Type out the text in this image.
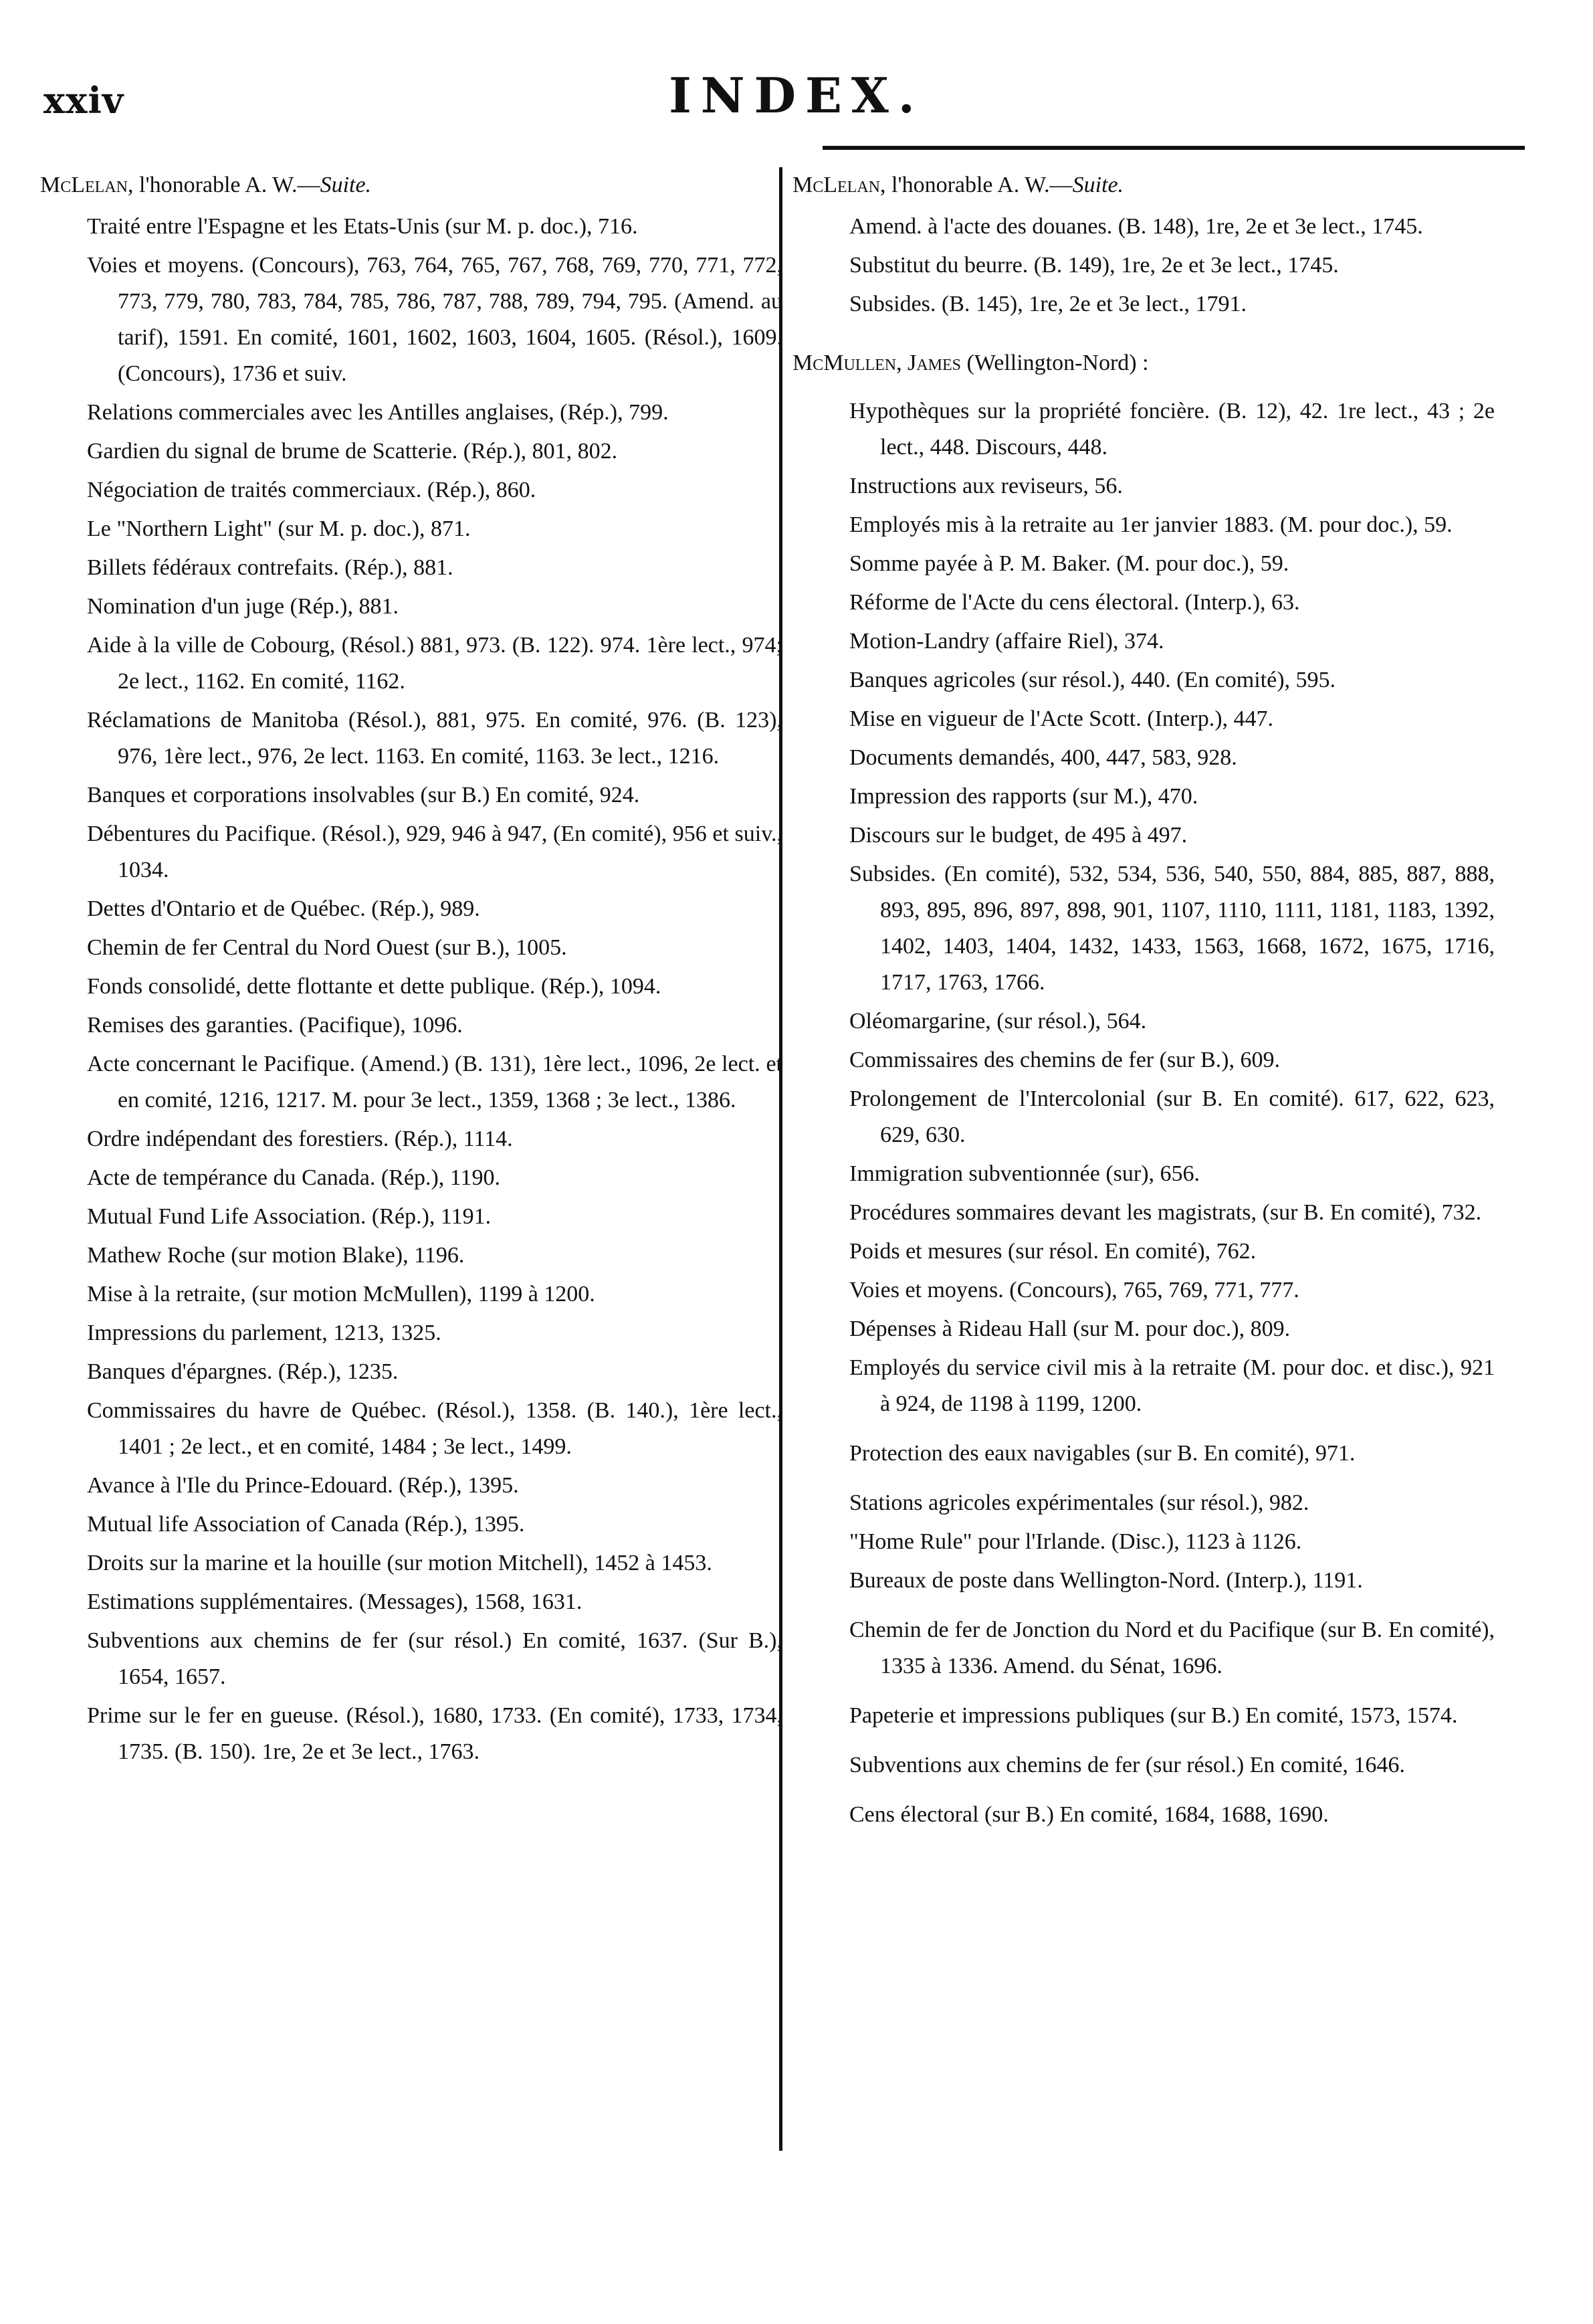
xxiv	INDEX.
McLelan, l'honorable A. W.—Suite.
Traité entre l'Espagne et les Etats-Unis (sur M. p. doc.), 716.
Voies et moyens. (Concours), 763, 764, 765, 767, 768, 769, 770, 771, 772, 773, 779, 780, 783, 784, 785, 786, 787, 788, 789, 794, 795. (Amend. au tarif), 1591. En comité, 1601, 1602, 1603, 1604, 1605. (Résol.), 1609. (Concours), 1736 et suiv.
Relations commerciales avec les Antilles anglaises, (Rép.), 799.
Gardien du signal de brume de Scatterie. (Rép.), 801, 802.
Négociation de traités commerciaux. (Rép.), 860.
Le "Northern Light" (sur M. p. doc.), 871.
Billets fédéraux contrefaits. (Rép.), 881.
Nomination d'un juge (Rép.), 881.
Aide à la ville de Cobourg, (Résol.) 881, 973. (B. 122). 974. 1ère lect., 974; 2e lect., 1162. En comité, 1162.
Réclamations de Manitoba (Résol.), 881, 975. En comité, 976. (B. 123), 976, 1ère lect., 976, 2e lect. 1163. En comité, 1163. 3e lect., 1216.
Banques et corporations insolvables (sur B.) En comité, 924.
Débentures du Pacifique. (Résol.), 929, 946 à 947, (En comité), 956 et suiv., 1034.
Dettes d'Ontario et de Québec. (Rép.), 989.
Chemin de fer Central du Nord Ouest (sur B.), 1005.
Fonds consolidé, dette flottante et dette publique. (Rép.), 1094.
Remises des garanties. (Pacifique), 1096.
Acte concernant le Pacifique. (Amend.) (B. 131), 1ère lect., 1096, 2e lect. et en comité, 1216, 1217. M. pour 3e lect., 1359, 1368 ; 3e lect., 1386.
Ordre indépendant des forestiers. (Rép.), 1114.
Acte de tempérance du Canada. (Rép.), 1190.
Mutual Fund Life Association. (Rép.), 1191.
Mathew Roche (sur motion Blake), 1196.
Mise à la retraite, (sur motion McMullen), 1199 à 1200.
Impressions du parlement, 1213, 1325.
Banques d'épargnes. (Rép.), 1235.
Commissaires du havre de Québec. (Résol.), 1358. (B. 140.), 1ère lect., 1401 ; 2e lect., et en comité, 1484 ; 3e lect., 1499.
Avance à l'Ile du Prince-Edouard. (Rép.), 1395.
Mutual life Association of Canada (Rép.), 1395.
Droits sur la marine et la houille (sur motion Mitchell), 1452 à 1453.
Estimations supplémentaires. (Messages), 1568, 1631.
Subventions aux chemins de fer (sur résol.) En comité, 1637. (Sur B.), 1654, 1657.
Prime sur le fer en gueuse. (Résol.), 1680, 1733. (En comité), 1733, 1734, 1735. (B. 150). 1re, 2e et 3e lect., 1763.
McLelan, l'honorable A. W.—Suite.
Amend. à l'acte des douanes. (B. 148), 1re, 2e et 3e lect., 1745.
Substitut du beurre. (B. 149), 1re, 2e et 3e lect., 1745.
Subsides. (B. 145), 1re, 2e et 3e lect., 1791.
McMullen, James (Wellington-Nord) :
Hypothèques sur la propriété foncière. (B. 12), 42. 1re lect., 43 ; 2e lect., 448. Discours, 448.
Instructions aux reviseurs, 56.
Employés mis à la retraite au 1er janvier 1883. (M. pour doc.), 59.
Somme payée à P. M. Baker. (M. pour doc.), 59.
Réforme de l'Acte du cens électoral. (Interp.), 63.
Motion-Landry (affaire Riel), 374.
Banques agricoles (sur résol.), 440. (En comité), 595.
Mise en vigueur de l'Acte Scott. (Interp.), 447.
Documents demandés, 400, 447, 583, 928.
Impression des rapports (sur M.), 470.
Discours sur le budget, de 495 à 497.
Subsides. (En comité), 532, 534, 536, 540, 550, 884, 885, 887, 888, 893, 895, 896, 897, 898, 901, 1107, 1110, 1111, 1181, 1183, 1392, 1402, 1403, 1404, 1432, 1433, 1563, 1668, 1672, 1675, 1716, 1717, 1763, 1766.
Oléomargarine, (sur résol.), 564.
Commissaires des chemins de fer (sur B.), 609.
Prolongement de l'Intercolonial (sur B. En comité). 617, 622, 623, 629, 630.
Immigration subventionnée (sur), 656.
Procédures sommaires devant les magistrats, (sur B. En comité), 732.
Poids et mesures (sur résol. En comité), 762.
Voies et moyens. (Concours), 765, 769, 771, 777.
Dépenses à Rideau Hall (sur M. pour doc.), 809.
Employés du service civil mis à la retraite (M. pour doc. et disc.), 921 à 924, de 1198 à 1199, 1200.
Protection des eaux navigables (sur B. En comité), 971.
Stations agricoles expérimentales (sur résol.), 982.
"Home Rule" pour l'Irlande. (Disc.), 1123 à 1126.
Bureaux de poste dans Wellington-Nord. (Interp.), 1191.
Chemin de fer de Jonction du Nord et du Pacifique (sur B. En comité), 1335 à 1336. Amend. du Sénat, 1696.
Papeterie et impressions publiques (sur B.) En comité, 1573, 1574.
Subventions aux chemins de fer (sur résol.) En comité, 1646.
Cens électoral (sur B.) En comité, 1684, 1688, 1690.
